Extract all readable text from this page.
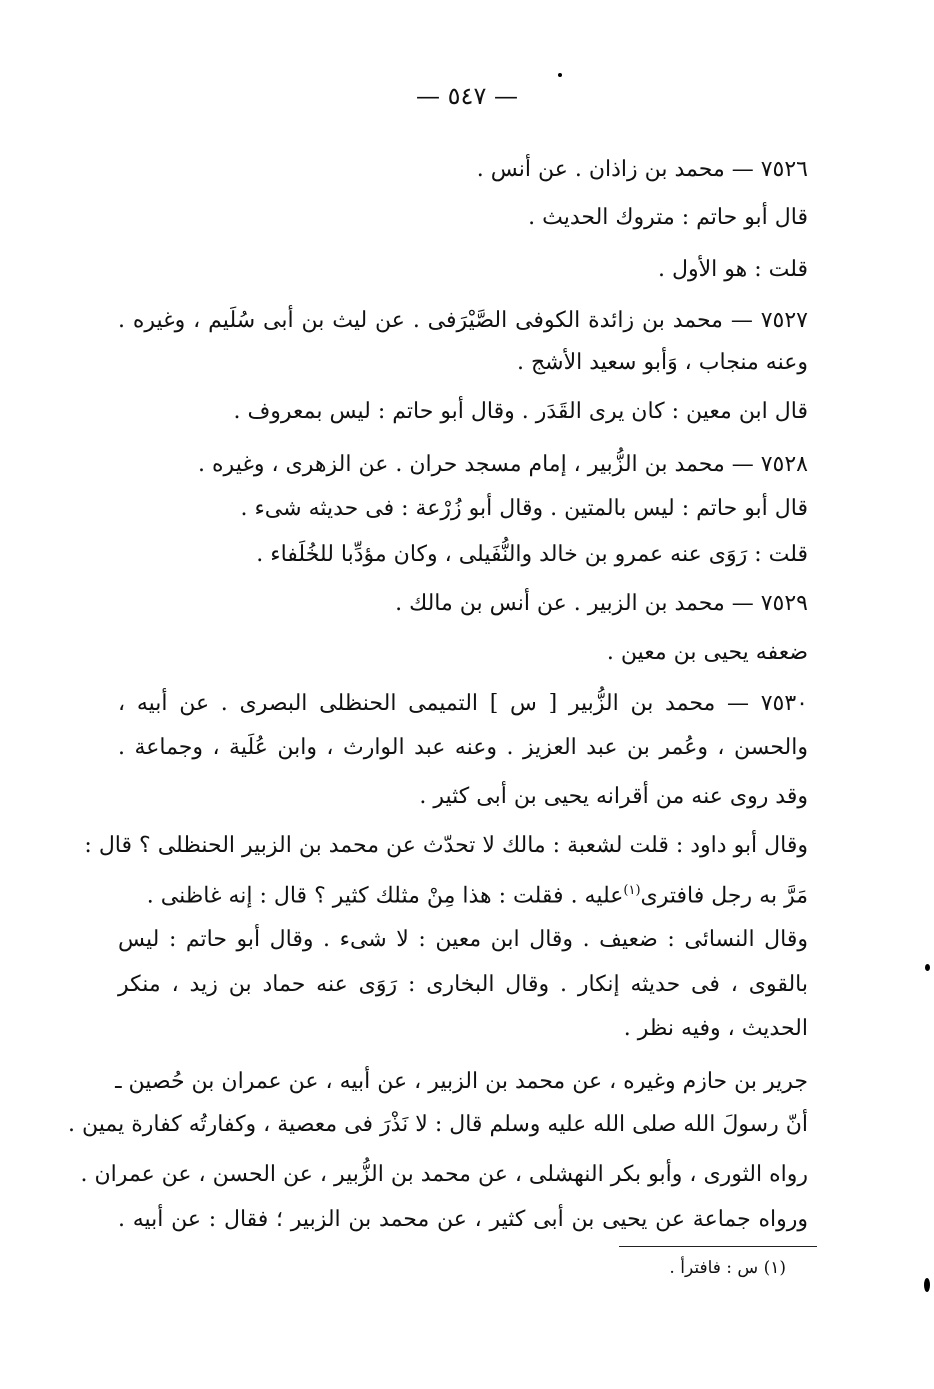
— ٥٤٧ —
٧٥٢٦ — محمد بن زاذان . عن أنس .
قال أبو حاتم : متروك الحديث .
قلت : هو الأول .
٧٥٢٧ — محمد بن زائدة الكوفى الصَّيْرَفى . عن ليث بن أبى سُلَيم ، وغيره .
وعنه منجاب ، وَأبو سعيد الأشج .
قال ابن معين : كان يرى القَدَر . وقال أبو حاتم : ليس بمعروف .
٧٥٢٨ — محمد بن الزُّبير ، إمام مسجد حران . عن الزهرى ، وغيره .
قال أبو حاتم : ليس بالمتين . وقال أبو زُرْعة : فى حديثه شىء .
قلت : رَوَى عنه عمرو بن خالد والنُّفَيلى ، وكان مؤدِّبا للخُلَفاء .
٧٥٢٩ — محمد بن الزبير . عن أنس بن مالك .
ضعفه يحيى بن معين .
٧٥٣٠ — محمد بن الزُّبير [ س ] التميمى الحنظلى البصرى . عن أبيه ،
والحسن ، وعُمر بن عبد العزيز . وعنه عبد الوارث ، وابن عُلَية ، وجماعة .
وقد روى عنه من أقرانه يحيى بن أبى كثير .
وقال أبو داود : قلت لشعبة : مالك لا تحدّث عن محمد بن الزبير الحنظلى ؟ قال :
مَرَّ به رجل فافترى$^{(١)}$عليه . فقلت : هذا مِنْ مثلك كثير ؟ قال : إنه غاظنى .
وقال النسائى : ضعيف . وقال ابن معين : لا شىء . وقال أبو حاتم : ليس
بالقوى ، فى حديثه إنكار . وقال البخارى : رَوَى عنه حماد بن زيد ، منكر
الحديث ، وفيه نظر .
جرير بن حازم وغيره ، عن محمد بن الزبير ، عن أبيه ، عن عمران بن حُصين ـ
أنّ رسولَ الله صلى الله عليه وسلم قال : لا نَذْرَ فى معصية ، وكفارتُه كفارة يمين .
رواه الثورى ، وأبو بكر النهشلى ، عن محمد بن الزُّبير ، عن الحسن ، عن عمران .
ورواه جماعة عن يحيى بن أبى كثير ، عن محمد بن الزبير ؛ فقال : عن أبيه .
(١) س : فافترأ .
